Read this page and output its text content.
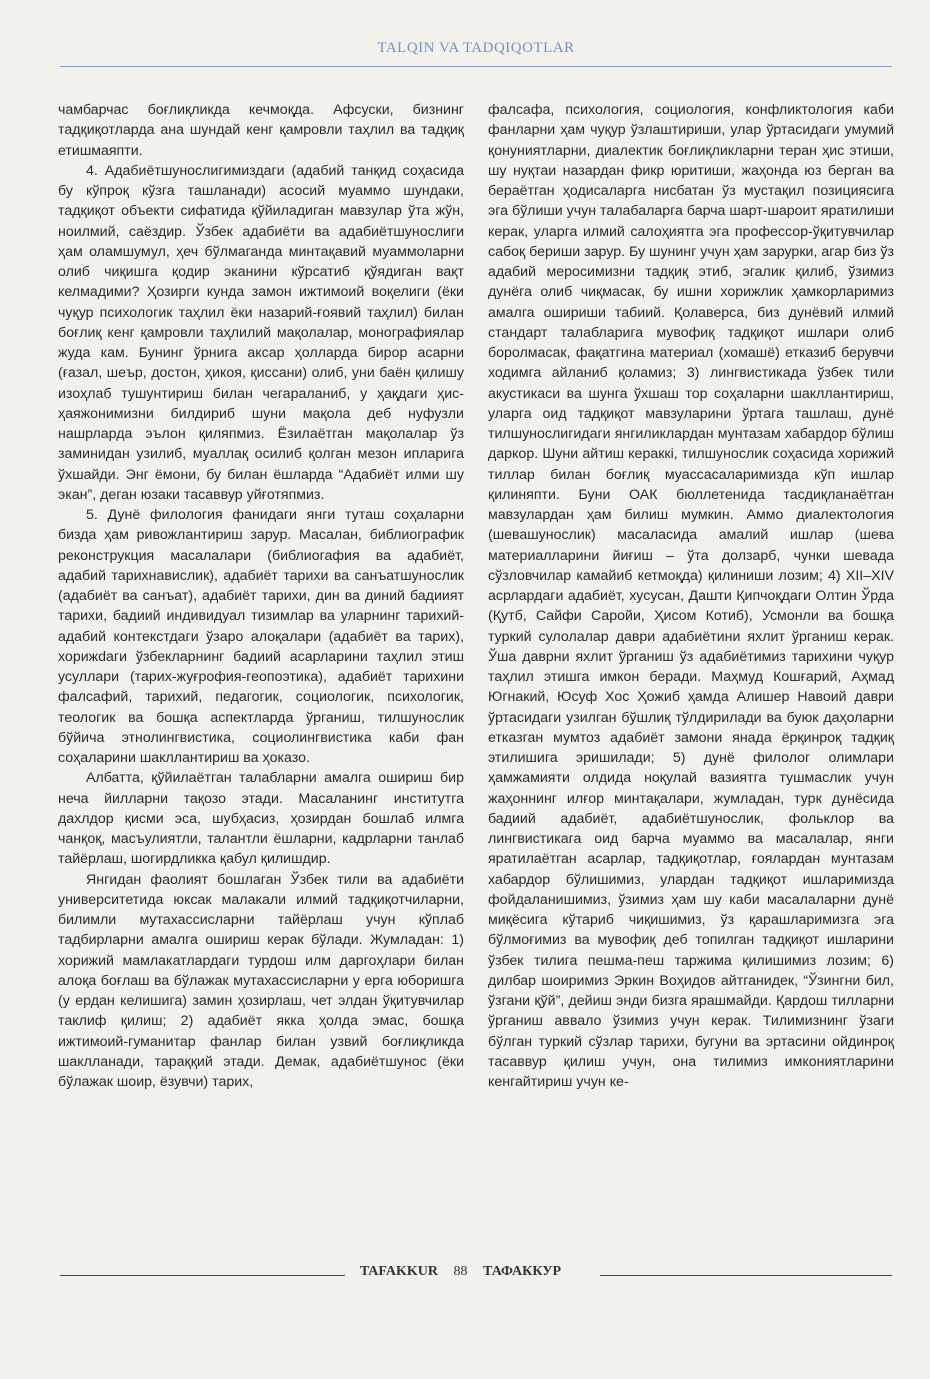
TALQIN VA TADQIQOTLAR

чамбарчас боғлиқликда кечмоқда. Афсуски, бизнинг тадқиқотларда ана шундай кенг қамровли таҳлил ва тадқиқ етишмаяпти.

4. Адабиётшунослигимиздаги (адабий танқид соҳасида бу кўпроқ кўзга ташланади) асосий муаммо шундаки, тадқиқот объекти сифатида қўйиладиган мавзулар ўта жўн, ноилмий, саёздир. Ўзбек адабиёти ва адабиётшунослиги ҳам оламшумул, ҳеч бўлмаганда минтақавий муаммоларни олиб чиқишга қодир эканини кўрсатиб қўядиган вақт келмадими? Ҳозирги кунда замон ижтимоий воқелиги (ёки чуқур психологик таҳлил ёки назарий-ғоявий таҳлил) билан боғлиқ кенг қамровли таҳлилий мақолалар, монографиялар жуда кам. Бунинг ўрнига аксар ҳолларда бирор асарни (ғазал, шеър, достон, ҳикоя, қиссани) олиб, уни баён қилишу изоҳлаб тушунтириш билан чегараланиб, у ҳақдаги ҳис-ҳаяжонимизни билдириб шуни мақола деб нуфузли нашрларда эълон қиляпмиз. Ёзилаётган мақолалар ўз заминидан узилиб, муаллақ осилиб қолган мезон ипларига ўхшайди. Энг ёмони, бу билан ёшларда “Адабиёт илми шу экан”, деган юзаки тасаввур уйғотяпмиз.

5. Дунё филология фанидаги янги туташ соҳаларни бизда ҳам ривожлантириш зарур. Масалан, библиографик реконструкция масалалари (библиогафия ва адабиёт, адабий тарихнавислик), адабиёт тарихи ва санъатшунослик (адабиёт ва санъат), адабиёт тарихи, дин ва диний бадиият тарихи, бадиий индивидуал тизимлар ва уларнинг тарихий-адабий контекстдаги ўзаро алоқалари (адабиёт ва тарих), хорижdaги ўзбекларнинг бадиий асарларини таҳлил этиш усуллари (тарих-жуғрофия-геопоэтика), адабиёт тарихини фалсафий, тарихий, педагогик, социологик, психологик, теологик ва бошқа аспектларда ўрганиш, тилшунослик бўйича этнолингвистика, социолингвистика каби фан соҳаларини шакллантириш ва ҳоказо.

Албатта, қўйилаётган талабларни амалга ошириш бир неча йилларни тақозо этади. Масаланинг институтга дахлдор қисми эса, шубҳасиз, ҳозирдан бошлаб илмга чанқоқ, масъулиятли, талантли ёшларни, кадрларни танлаб тайёрлаш, шогирдликка қабул қилишдир.

Янгидан фаолият бошлаган Ўзбек тили ва адабиёти университетида юксак малакали илмий тадқиқотчиларни, билимли мутахассисларни тайёрлаш учун кўплаб тадбирларни амалга ошириш керак бўлади. Жумладан: 1) хорижий мамлакатлардаги турдош илм даргоҳлари билан алоқа боғлаш ва бўлажак мутахассисларни у ерга юборишга (у ердан келишига) замин ҳозирлаш, чет элдан ўқитувчилар таклиф қилиш; 2) адабиёт якка ҳолда эмас, бошқа ижтимоий-гуманитар фанлар билан узвий боғлиқликда шаклланади, тараққий этади. Демак, адабиётшунос (ёки бўлажак шоир, ёзувчи) тарих,

фалсафа, психология, социология, конфликтология каби фанларни ҳам чуқур ўзлаштириши, улар ўртасидаги умумий қонуниятларни, диалектик боғлиқликларни теран ҳис этиши, шу нуқтаи назардан фикр юритиши, жаҳонда юз берган ва бераётган ҳодисаларга нисбатан ўз мустақил позициясига эга бўлиши учун талабаларга барча шарт-шароит яратилиши керак, уларга илмий салоҳиятга эга профессор-ўқитувчилар сабоқ бериши зарур. Бу шунинг учун ҳам зарурки, агар биз ўз адабий меросимизни тадқиқ этиб, эгалик қилиб, ўзимиз дунёга олиб чиқмасак, бу ишни хорижлик ҳамкорларимиз амалга ошириши табиий. Қолаверса, биз дунёвий илмий стандарт талабларига мувофиқ тадқиқот ишлари олиб боролмасак, фақатгина материал (хомашё) етказиб берувчи ходимга айланиб қоламиз; 3) лингвистикада ўзбек тили акустикаси ва шунга ўхшаш тор соҳаларни шакллантириш, уларга оид тадқиқот мавзуларини ўртага ташлаш, дунё тилшунослигидаги янгиликлардан мунтазам хабардор бўлиш даркор. Шуни айтиш кераккi, тилшунослик соҳасида хорижий тиллар билан боғлиқ муассасаларимизда кўп ишлар қилиняпти. Буни ОАК бюллетенида тасдиқланаётган мавзулардан ҳам билиш мумкин. Аммо диалектология (шевашунослик) масаласида амалий ишлар (шева материалларини йиғиш – ўта долзарб, чунки шевада сўзловчилар камайиб кетмоқда) қилиниши лозим; 4) XII–XIV асрлардаги адабиёт, хусусан, Дашти Қипчоқдаги Олтин Ўрда (Қутб, Сайфи Саройи, Ҳисом Котиб), Усмонли ва бошқа туркий сулолалар даври адабиётини яхлит ўрганиш керак. Ўша даврни яхлит ўрганиш ўз адабиётимиз тарихини чуқур таҳлил этишга имкон беради. Маҳмуд Кошғарий, Аҳмад Югнакий, Юсуф Хос Ҳожиб ҳамда Алишер Навоий даври ўртасидаги узилган бўшлиқ тўлдирилади ва буюк даҳоларни етказган мумтоз адабиёт замони янада ёрқинроқ тадқиқ этилишига эришилади; 5) дунё филолог олимлари ҳамжамияти олдида ноқулай вазиятга тушмаслик учун жаҳоннинг илғор минтақалари, жумладан, турк дунёсида бадиий адабиёт, адабиётшунослик, фольклор ва лингвистикага оид барча муаммо ва масалалар, янги яратилаётган асарлар, тадқиқотлар, ғоялардан мунтазам хабардор бўлишимиз, улардан тадқиқот ишларимизда фойдаланишимиз, ўзимиз ҳам шу каби масалаларни дунё миқёсига кўтариб чиқишимиз, ўз қарашларимизга эга бўлмоғимиз ва мувофиқ деб топилган тадқиқот ишларини ўзбек тилига пешма-пеш таржима қилишимиз лозим; 6) дилбар шоиримиз Эркин Воҳидов айтганидек, “Ўзингни бил, ўзгани қўй”, дейиш энди бизга ярашмайди. Қардош тилларни ўрганиш аввало ўзимиз учун керак. Тилимизнинг ўзаги бўлган туркий сўзлар тарихи, бугуни ва эртасини ойдинроқ тасаввур қилиш учун, она тилимиз имкониятларини кенгайтириш учун ке-

TAFAKKUR 88 ТАФАККУР
